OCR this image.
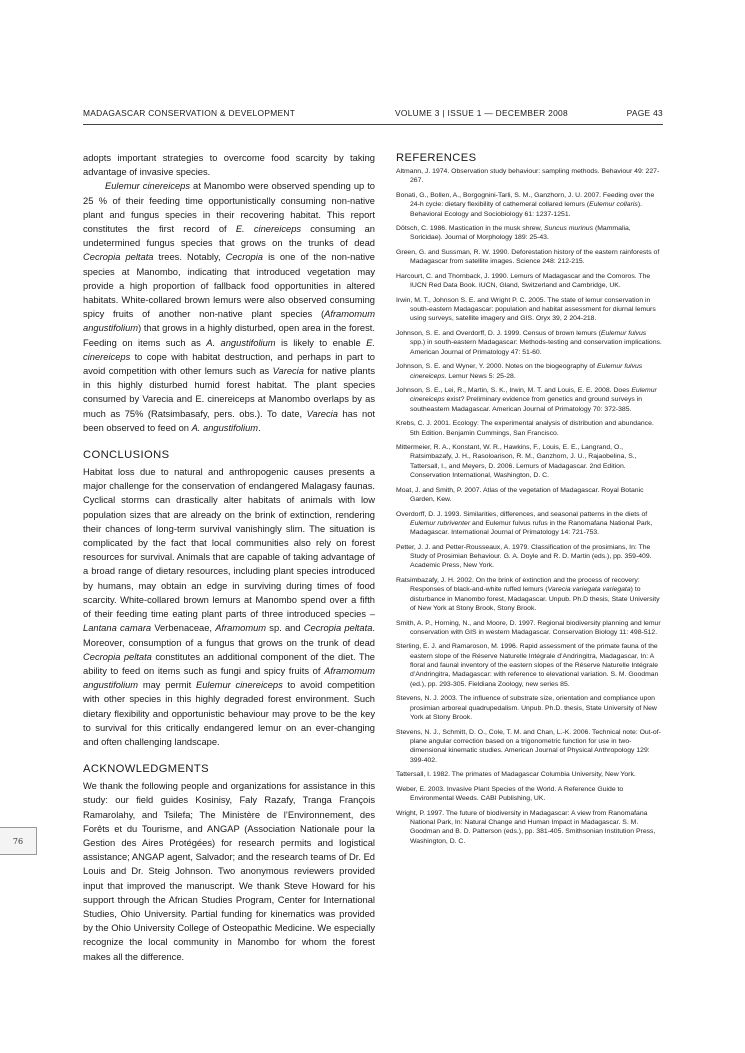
MADAGASCAR CONSERVATION & DEVELOPMENT	VOLUME 3 | ISSUE 1 — DECEMBER 2008	PAGE 43

adopts important strategies to overcome food scarcity by taking advantage of invasive species.

Eulemur cinereiceps at Manombo were observed spending up to 25 % of their feeding time opportunistically consuming non-native plant and fungus species in their recovering habitat. This report constitutes the first record of E. cinereiceps consuming an undetermined fungus species that grows on the trunks of dead Cecropia peltata trees. Notably, Cecropia is one of the non-native species at Manombo, indicating that introduced vegetation may provide a high proportion of fallback food opportunities in altered habitats. White-collared brown lemurs were also observed consuming spicy fruits of another non-native plant species (Aframomum angustifolium) that grows in a highly disturbed, open area in the forest. Feeding on items such as A. angustifolium is likely to enable E. cinereiceps to cope with habitat destruction, and perhaps in part to avoid competition with other lemurs such as Varecia for native plants in this highly disturbed humid forest habitat. The plant species consumed by Varecia and E. cinereiceps at Manombo overlaps by as much as 75% (Ratsimbasafy, pers. obs.). To date, Varecia has not been observed to feed on A. angustifolium.

CONCLUSIONS

Habitat loss due to natural and anthropogenic causes presents a major challenge for the conservation of endangered Malagasy faunas. Cyclical storms can drastically alter habitats of animals with low population sizes that are already on the brink of extinction, rendering their chances of long-term survival vanishingly slim. The situation is complicated by the fact that local communities also rely on forest resources for survival. Animals that are capable of taking advantage of a broad range of dietary resources, including plant species introduced by humans, may obtain an edge in surviving during times of food scarcity. White-collared brown lemurs at Manombo spend over a fifth of their feeding time eating plant parts of three introduced species – Lantana camara Verbenaceae, Aframomum sp. and Cecropia peltata. Moreover, consumption of a fungus that grows on the trunk of dead Cecropia peltata constitutes an additional component of the diet. The ability to feed on items such as fungi and spicy fruits of Aframomum angustifolium may permit Eulemur cinereiceps to avoid competition with other species in this highly degraded forest environment. Such dietary flexibility and opportunistic behaviour may prove to be the key to survival for this critically endangered lemur on an ever-changing and often challenging landscape.

ACKNOWLEDGMENTS

We thank the following people and organizations for assistance in this study: our field guides Kosinisy, Faly Razafy, Tranga François Ramarolahy, and Tsilefa; The Ministère de l’Environnement, des Forêts et du Tourisme, and ANGAP (Association Nationale pour la Gestion des Aires Protégées) for research permits and logistical assistance; ANGAP agent, Salvador; and the research teams of Dr. Ed Louis and Dr. Steig Johnson. Two anonymous reviewers provided input that improved the manuscript. We thank Steve Howard for his support through the African Studies Program, Center for International Studies, Ohio University. Partial funding for kinematics was provided by the Ohio University College of Osteopathic Medicine. We especially recognize the local community in Manombo for whom the forest makes all the difference.

REFERENCES
Altmann, J. 1974. Observation study behaviour: sampling methods. Behaviour 49: 227-267.
Bonati, G., Bollen, A., Borgognini-Tarli, S. M., Ganzhorn, J. U. 2007. Feeding over the 24-h cycle: dietary flexibility of cathemeral collared lemurs (Eulemur collaris). Behavioral Ecology and Sociobiology 61: 1237-1251.
Dötsch, C. 1986. Mastication in the musk shrew, Suncus murinus (Mammalia, Soricidae). Journal of Morphology 189: 25-43.
Green, G. and Sussman, R. W. 1990. Deforestation history of the eastern rainforests of Madagascar from satellite images. Science 248: 212-215.
Harcourt, C. and Thornback, J. 1990. Lemurs of Madagascar and the Comoros. The IUCN Red Data Book. IUCN, Gland, Switzerland and Cambridge, UK.
Irwin, M. T., Johnson S. E. and Wright P. C. 2005. The state of lemur conservation in south-eastern Madagascar: population and habitat assessment for diurnal lemurs using surveys, satellite imagery and GIS. Oryx 39, 2 204-218.
Johnson, S. E. and Overdorff, D. J. 1999. Census of brown lemurs (Eulemur fulvus spp.) in south-eastern Madagascar: Methods-testing and conservation implications. American Journal of Primatology 47: 51-60.
Johnson, S. E. and Wyner, Y. 2000. Notes on the biogeography of Eulemur fulvus cinereiceps. Lemur News 5: 25-28.
Johnson, S. E., Lei, R., Martin, S. K., Irwin, M. T. and Louis, E. E. 2008. Does Eulemur cinereiceps exist? Preliminary evidence from genetics and ground surveys in southeastern Madagascar. American Journal of Primatology 70: 372-385.
Krebs, C. J. 2001. Ecology: The experimental analysis of distribution and abundance. 5th Edition. Benjamin Cummings, San Francisco.
Mittermeier, R. A., Konstant, W. R., Hawkins, F., Louis, E. E., Langrand, O., Ratsimbazafy, J. H., Rasoloarison, R. M., Ganzhorn, J. U., Rajaobelina, S., Tattersall, I., and Meyers, D. 2006. Lemurs of Madagascar. 2nd Edition. Conservation International, Washington, D. C.
Moat, J. and Smith, P. 2007. Atlas of the vegetation of Madagascar. Royal Botanic Garden, Kew.
Overdorff, D. J. 1993. Similarities, differences, and seasonal patterns in the diets of Eulemur rubriventer and Eulemur fulvus rufus in the Ranomafana National Park, Madagascar. International Journal of Primatology 14: 721-753.
Petter, J. J. and Petter-Rousseaux, A. 1979. Classification of the prosimians, In: The Study of Prosimian Behaviour. G. A. Doyle and R. D. Martin (eds.), pp. 359-409. Academic Press, New York.
Ratsimbazafy, J. H. 2002. On the brink of extinction and the process of recovery: Responses of black-and-white ruffed lemurs (Varecia variegata variegata) to disturbance in Manombo forest, Madagascar. Unpub. Ph.D thesis, State University of New York at Stony Brook, Stony Brook.
Smith, A. P., Horning, N., and Moore, D. 1997. Regional biodiversity planning and lemur conservation with GIS in western Madagascar. Conservation Biology 11: 498-512.
Sterling, E. J. and Ramaroson, M. 1996. Rapid assessment of the primate fauna of the eastern slope of the Réserve Naturelle Intégrale d’Andringitra, Madagascar, In: A floral and faunal inventory of the eastern slopes of the Réserve Naturelle Intégrale d’Andringitra, Madagascar: with reference to elevational variation. S. M. Goodman (ed.), pp. 293-305. Fieldiana Zoology, new series 85.
Stevens, N. J. 2003. The influence of substrate size, orientation and compliance upon prosimian arboreal quadrupedalism. Unpub. Ph.D. thesis, State University of New York at Stony Brook.
Stevens, N. J., Schmitt, D. O., Cole, T. M. and Chan, L.-K. 2006. Technical note: Out-of-plane angular correction based on a trigonometric function for use in two-dimensional kinematic studies. American Journal of Physical Anthropology 129: 399-402.
Tattersall, I. 1982. The primates of Madagascar Columbia University, New York.
Weber, E. 2003. Invasive Plant Species of the World. A Reference Guide to Environmental Weeds. CABI Publishing, UK.
Wright, P. 1997. The future of biodiversity in Madagascar: A view from Ranomafana National Park, In: Natural Change and Human Impact in Madagascar. S. M. Goodman and B. D. Patterson (eds.), pp. 381-405. Smithsonian Institution Press, Washington, D. C.
76
